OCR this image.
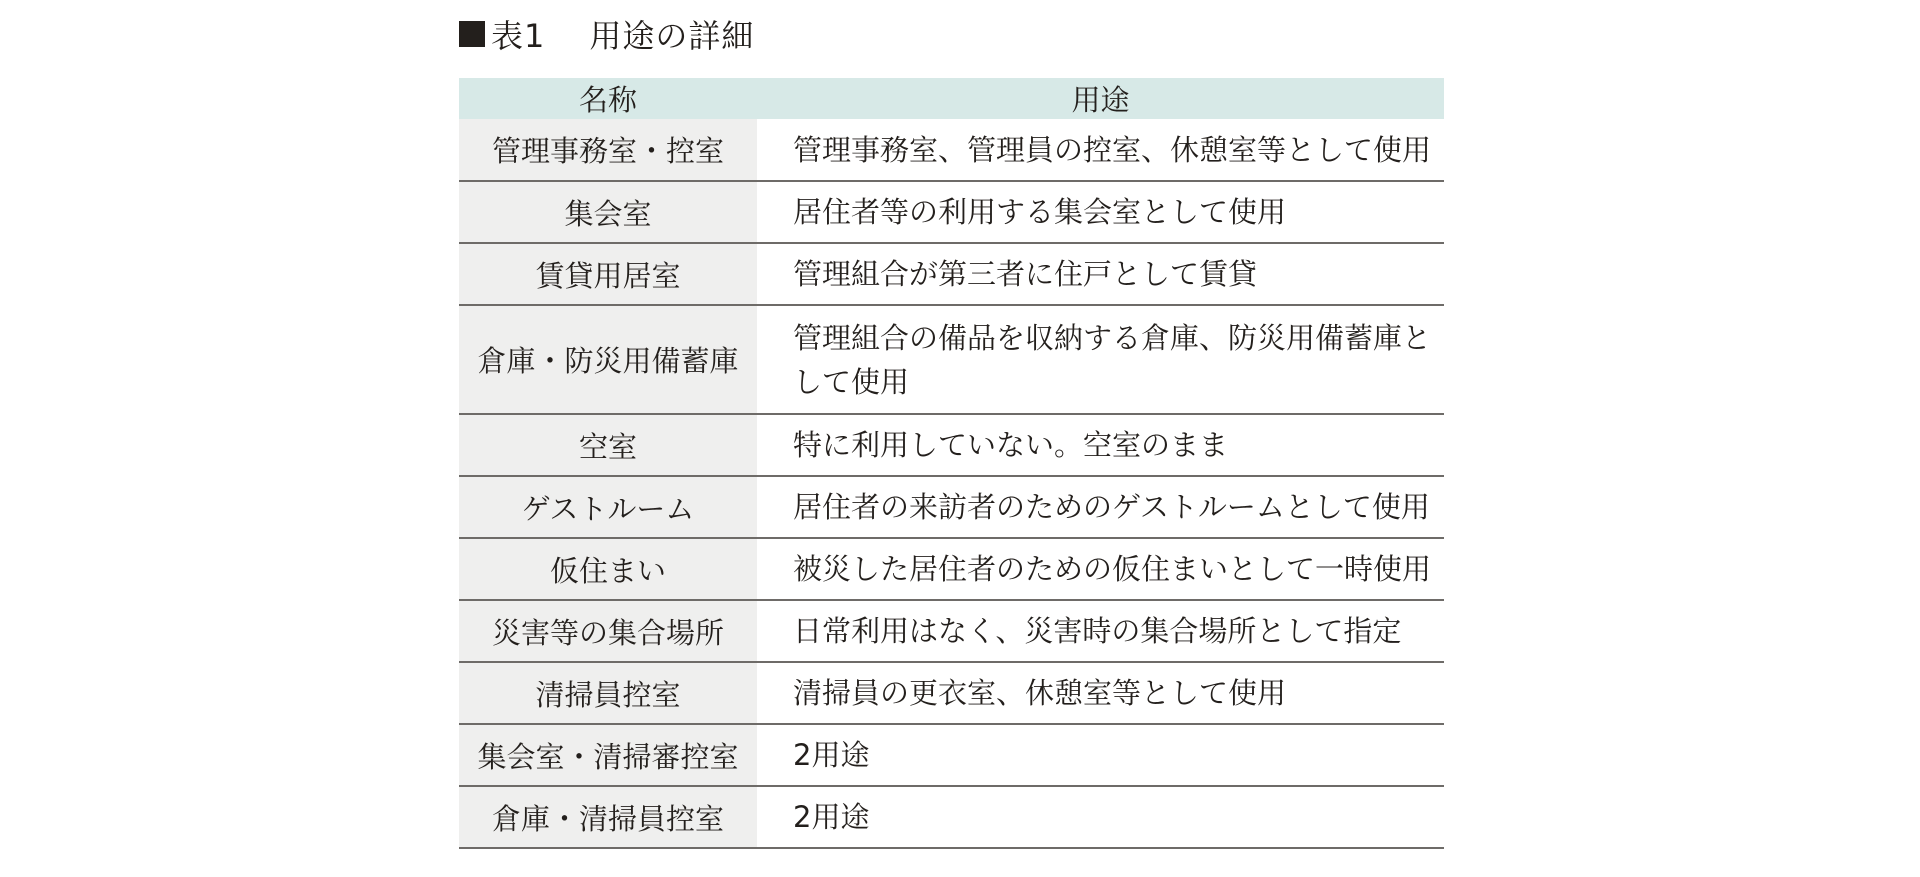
表1 用途の詳細
名称	用途
管理事務室・控室	管理事務室、管理員の控室、休憩室等として使用
集会室	居住者等の利用する集会室として使用
賃貸用居室	管理組合が第三者に住戸として賃貸
倉庫・防災用備蓄庫	管理組合の備品を収納する倉庫、防災用備蓄庫として使用
空室	特に利用していない。空室のまま
ゲストルーム	居住者の来訪者のためのゲストルームとして使用
仮住まい	被災した居住者のための仮住まいとして一時使用
災害等の集合場所	日常利用はなく、災害時の集合場所として指定
清掃員控室	清掃員の更衣室、休憩室等として使用
集会室・清掃審控室	2用途
倉庫・清掃員控室	2用途
